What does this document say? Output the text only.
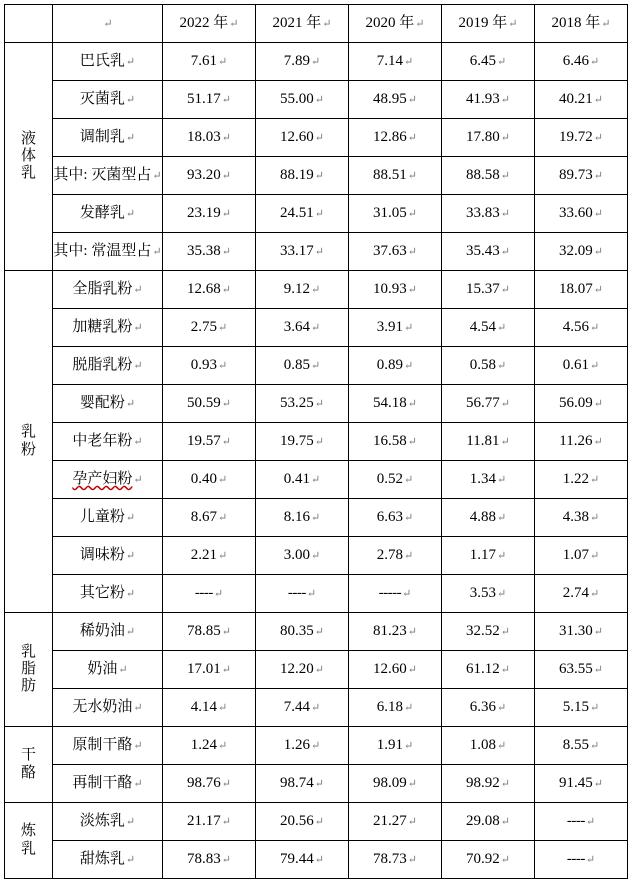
	↵	2022 年↵	2021 年↵	2020 年↵	2019 年↵	2018 年↵

液体乳	巴氏乳↵	7.61↵	7.89↵	7.14↵	6.45↵	6.46↵
	灭菌乳↵	51.17↵	55.00↵	48.95↵	41.93↵	40.21↵
	调制乳↵	18.03↵	12.60↵	12.86↵	17.80↵	19.72↵
	其中: 灭菌型占↵	93.20↵	88.19↵	88.51↵	88.58↵	89.73↵
	发酵乳↵	23.19↵	24.51↵	31.05↵	33.83↵	33.60↵
	其中: 常温型占↵	35.38↵	33.17↵	37.63↵	35.43↵	32.09↵

乳粉	全脂乳粉↵	12.68↵	9.12↵	10.93↵	15.37↵	18.07↵
	加糖乳粉↵	2.75↵	3.64↵	3.91↵	4.54↵	4.56↵
	脱脂乳粉↵	0.93↵	0.85↵	0.89↵	0.58↵	0.61↵
	婴配粉↵	50.59↵	53.25↵	54.18↵	56.77↵	56.09↵
	中老年粉↵	19.57↵	19.75↵	16.58↵	11.81↵	11.26↵
	孕产妇粉↵	0.40↵	0.41↵	0.52↵	1.34↵	1.22↵
	儿童粉↵	8.67↵	8.16↵	6.63↵	4.88↵	4.38↵
	调味粉↵	2.21↵	3.00↵	2.78↵	1.17↵	1.07↵
	其它粉↵	----↵	----↵	-----↵	3.53↵	2.74↵

乳脂肪	稀奶油↵	78.85↵	80.35↵	81.23↵	32.52↵	31.30↵
	奶油↵	17.01↵	12.20↵	12.60↵	61.12↵	63.55↵
	无水奶油↵	4.14↵	7.44↵	6.18↵	6.36↵	5.15↵

干酪	原制干酪↵	1.24↵	1.26↵	1.91↵	1.08↵	8.55↵
	再制干酪↵	98.76↵	98.74↵	98.09↵	98.92↵	91.45↵

炼乳	淡炼乳↵	21.17↵	20.56↵	21.27↵	29.08↵	----↵
	甜炼乳↵	78.83↵	79.44↵	78.73↵	70.92↵	----↵
